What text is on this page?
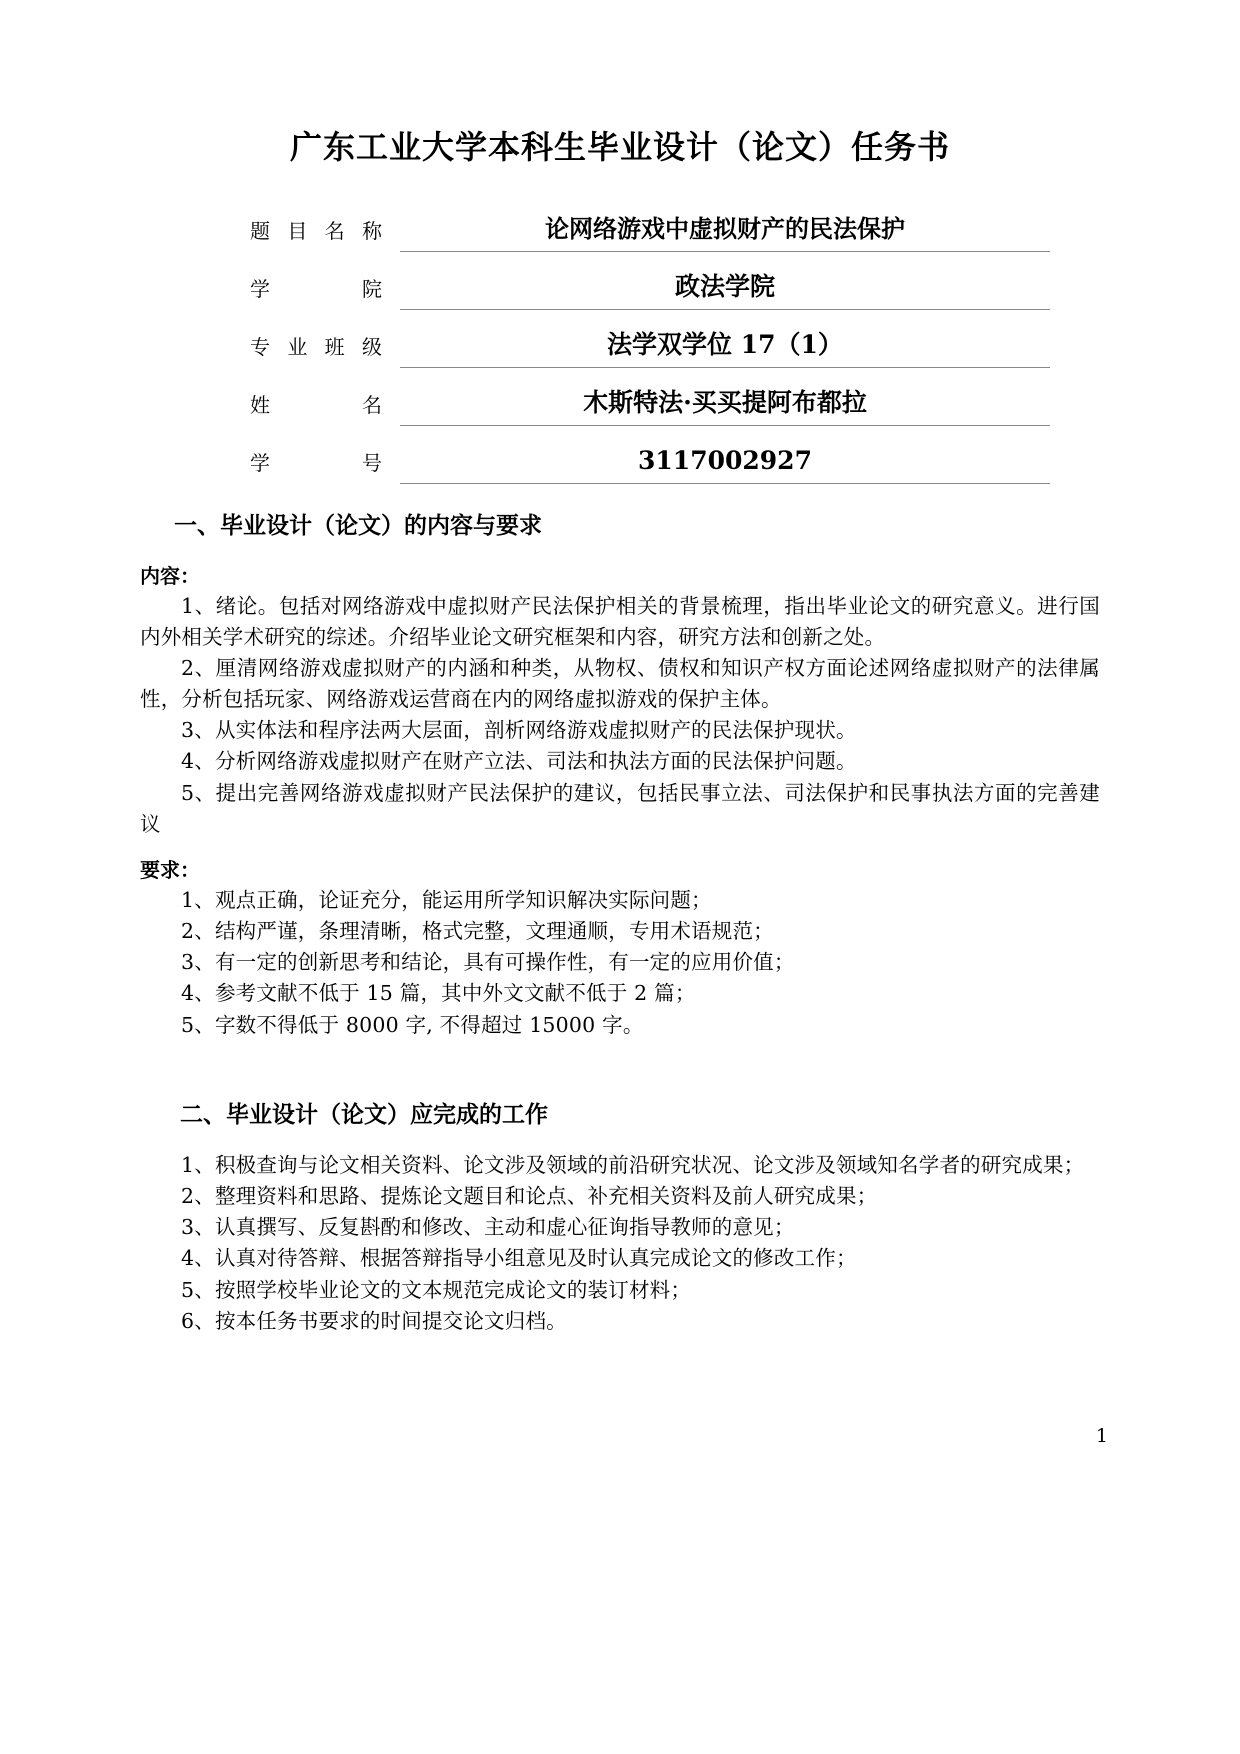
广东工业大学本科生毕业设计（论文）任务书
题目名称	论网络游戏中虚拟财产的民法保护
学　　院	政法学院
专业班级	法学双学位 17（1）
姓　　名	木斯特法·买买提阿布都拉
学　　号	3117002927
一、毕业设计（论文）的内容与要求
内容：

1、绪论。包括对网络游戏中虚拟财产民法保护相关的背景梳理，指出毕业论文的研究意义。进行国内外相关学术研究的综述。介绍毕业论文研究框架和内容，研究方法和创新之处。

2、厘清网络游戏虚拟财产的内涵和种类，从物权、债权和知识产权方面论述网络虚拟财产的法律属性，分析包括玩家、网络游戏运营商在内的网络虚拟游戏的保护主体。

3、从实体法和程序法两大层面，剖析网络游戏虚拟财产的民法保护现状。

4、分析网络游戏虚拟财产在财产立法、司法和执法方面的民法保护问题。

5、提出完善网络游戏虚拟财产民法保护的建议，包括民事立法、司法保护和民事执法方面的完善建议

要求：

1、观点正确，论证充分，能运用所学知识解决实际问题；

2、结构严谨，条理清晰，格式完整，文理通顺，专用术语规范；

3、有一定的创新思考和结论，具有可操作性，有一定的应用价值；

4、参考文献不低于 15 篇，其中外文文献不低于 2 篇；

5、字数不得低于 8000 字, 不得超过 15000 字。

二、毕业设计（论文）应完成的工作

1、积极查询与论文相关资料、论文涉及领域的前沿研究状况、论文涉及领域知名学者的研究成果；

2、整理资料和思路、提炼论文题目和论点、补充相关资料及前人研究成果；

3、认真撰写、反复斟酌和修改、主动和虚心征询指导教师的意见；

4、认真对待答辩、根据答辩指导小组意见及时认真完成论文的修改工作；

5、按照学校毕业论文的文本规范完成论文的装订材料；

6、按本任务书要求的时间提交论文归档。

1
